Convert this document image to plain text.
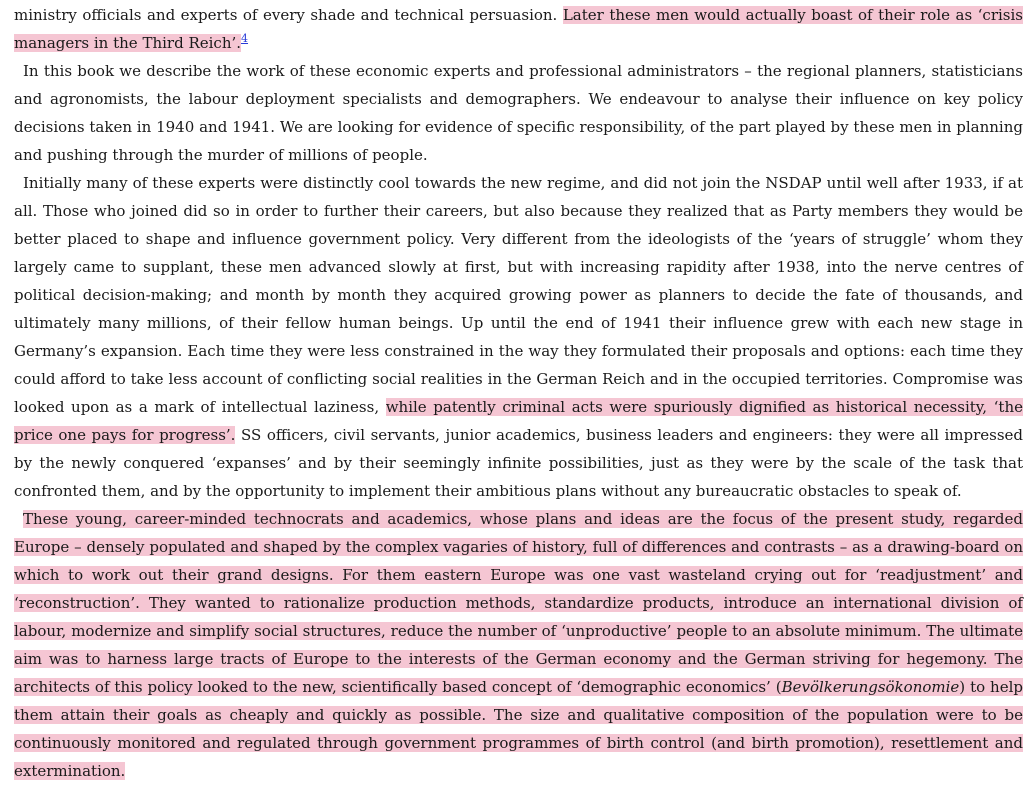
ministry officials and experts of every shade and technical persuasion. Later these men would actually boast of their role as ‘crisis managers in the Third Reich’.$^4$

In this book we describe the work of these economic experts and professional administrators – the regional planners, statisticians and agronomists, the labour deployment specialists and demographers. We endeavour to analyse their influence on key policy decisions taken in 1940 and 1941. We are looking for evidence of specific responsibility, of the part played by these men in planning and pushing through the murder of millions of people.

Initially many of these experts were distinctly cool towards the new regime, and did not join the NSDAP until well after 1933, if at all. Those who joined did so in order to further their careers, but also because they realized that as Party members they would be better placed to shape and influence government policy. Very different from the ideologists of the ‘years of struggle’ whom they largely came to supplant, these men advanced slowly at first, but with increasing rapidity after 1938, into the nerve centres of political decision-making; and month by month they acquired growing power as planners to decide the fate of thousands, and ultimately many millions, of their fellow human beings. Up until the end of 1941 their influence grew with each new stage in Germany’s expansion. Each time they were less constrained in the way they formulated their proposals and options: each time they could afford to take less account of conflicting social realities in the German Reich and in the occupied territories. Compromise was looked upon as a mark of intellectual laziness, while patently criminal acts were spuriously dignified as historical necessity, ‘the price one pays for progress’. SS officers, civil servants, junior academics, business leaders and engineers: they were all impressed by the newly conquered ‘expanses’ and by their seemingly infinite possibilities, just as they were by the scale of the task that confronted them, and by the opportunity to implement their ambitious plans without any bureaucratic obstacles to speak of.

These young, career-minded technocrats and academics, whose plans and ideas are the focus of the present study, regarded Europe – densely populated and shaped by the complex vagaries of history, full of differences and contrasts – as a drawing-board on which to work out their grand designs. For them eastern Europe was one vast wasteland crying out for ‘readjustment’ and ‘reconstruction’. They wanted to rationalize production methods, standardize products, introduce an international division of labour, modernize and simplify social structures, reduce the number of ‘unproductive’ people to an absolute minimum. The ultimate aim was to harness large tracts of Europe to the interests of the German economy and the German striving for hegemony. The architects of this policy looked to the new, scientifically based concept of ‘demographic economics’ (Bevölkerungsökonomie) to help them attain their goals as cheaply and quickly as possible. The size and qualitative composition of the population were to be continuously monitored and regulated through government programmes of birth control (and birth promotion), resettlement and extermination.
